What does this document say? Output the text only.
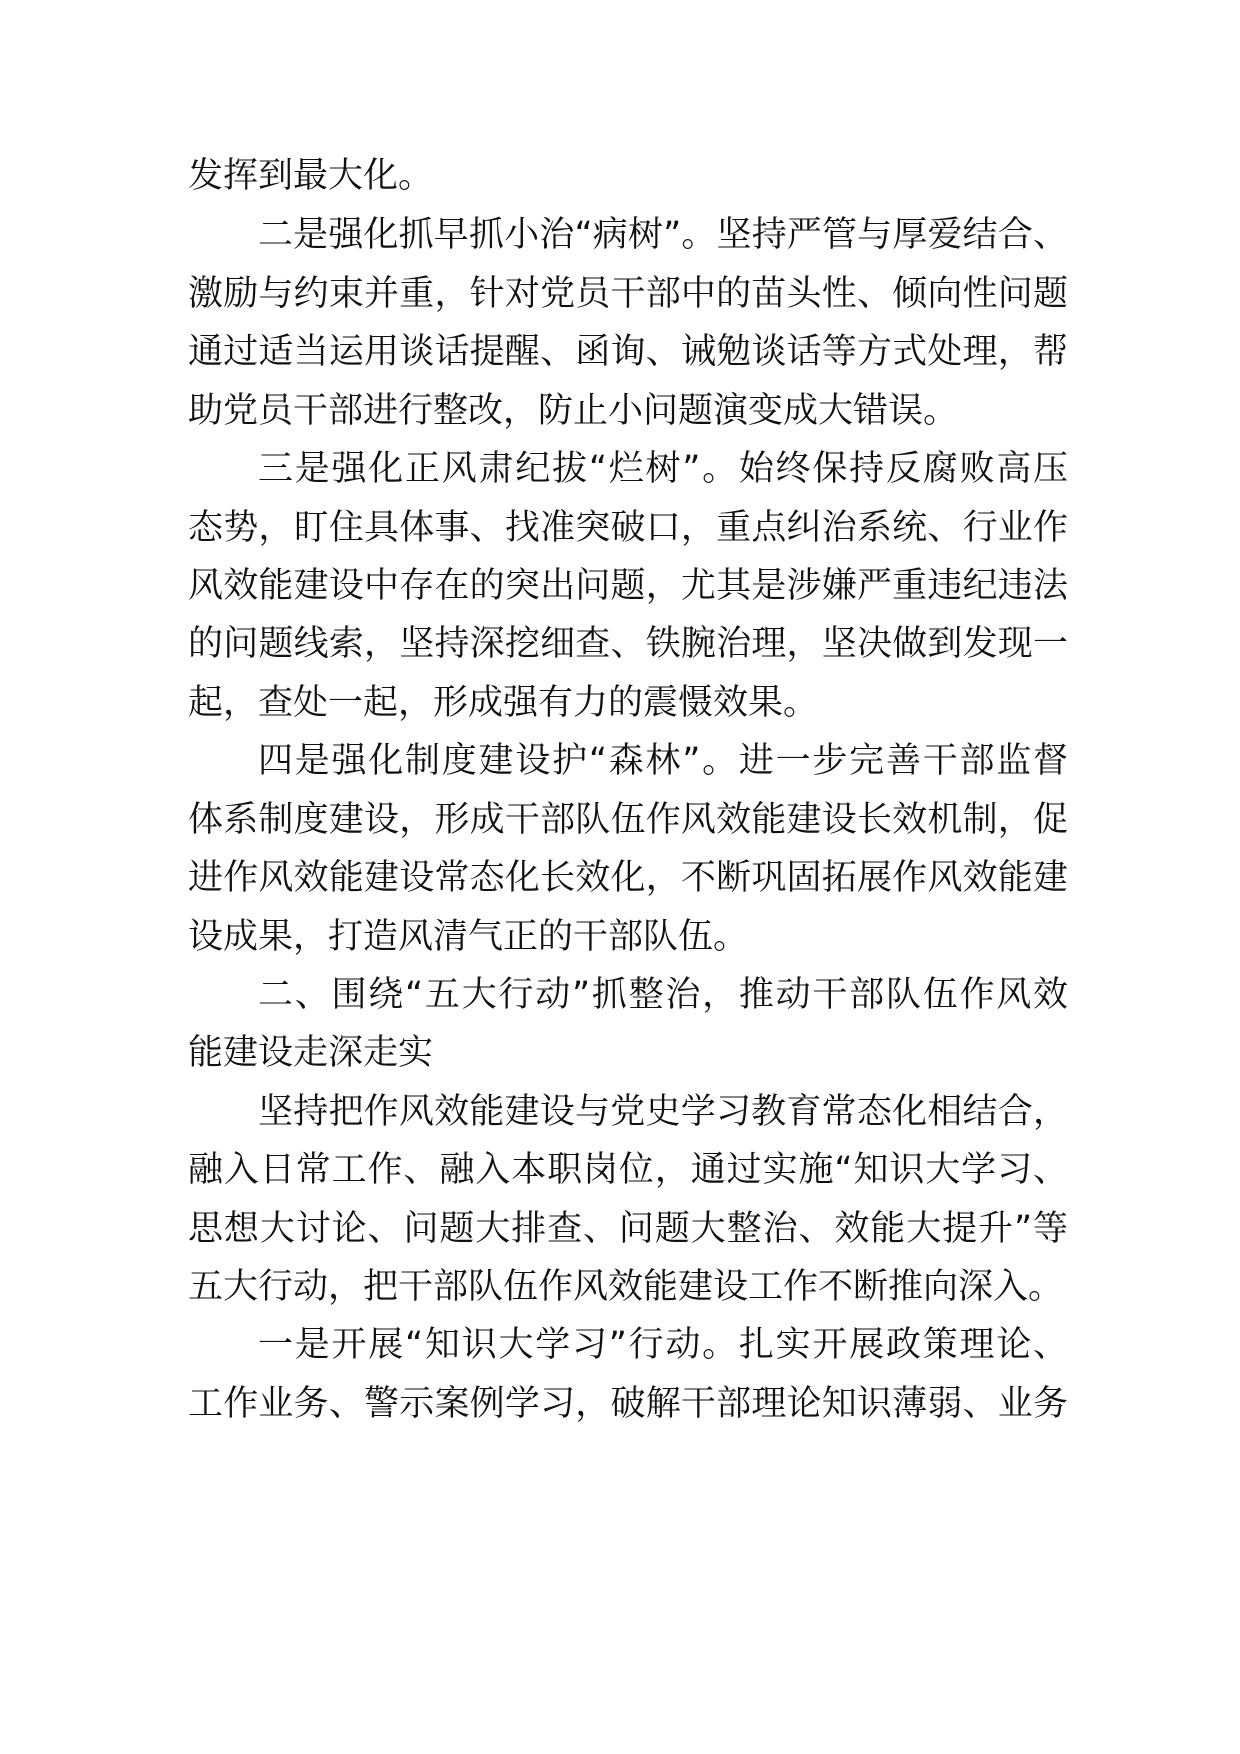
发挥到最大化。
二是强化抓早抓小治“病树”。坚持严管与厚爱结合、
激励与约束并重，针对党员干部中的苗头性、倾向性问题
通过适当运用谈话提醒、函询、诫勉谈话等方式处理，帮
助党员干部进行整改，防止小问题演变成大错误。
三是强化正风肃纪拔“烂树”。始终保持反腐败高压
态势，盯住具体事、找准突破口，重点纠治系统、行业作
风效能建设中存在的突出问题，尤其是涉嫌严重违纪违法
的问题线索，坚持深挖细查、铁腕治理，坚决做到发现一
起，查处一起，形成强有力的震慑效果。
四是强化制度建设护“森林”。进一步完善干部监督
体系制度建设，形成干部队伍作风效能建设长效机制，促
进作风效能建设常态化长效化，不断巩固拓展作风效能建
设成果，打造风清气正的干部队伍。
二、围绕“五大行动”抓整治，推动干部队伍作风效
能建设走深走实
坚持把作风效能建设与党史学习教育常态化相结合，
融入日常工作、融入本职岗位，通过实施“知识大学习、
思想大讨论、问题大排查、问题大整治、效能大提升”等
五大行动，把干部队伍作风效能建设工作不断推向深入。
一是开展“知识大学习”行动。扎实开展政策理论、
工作业务、警示案例学习，破解干部理论知识薄弱、业务
